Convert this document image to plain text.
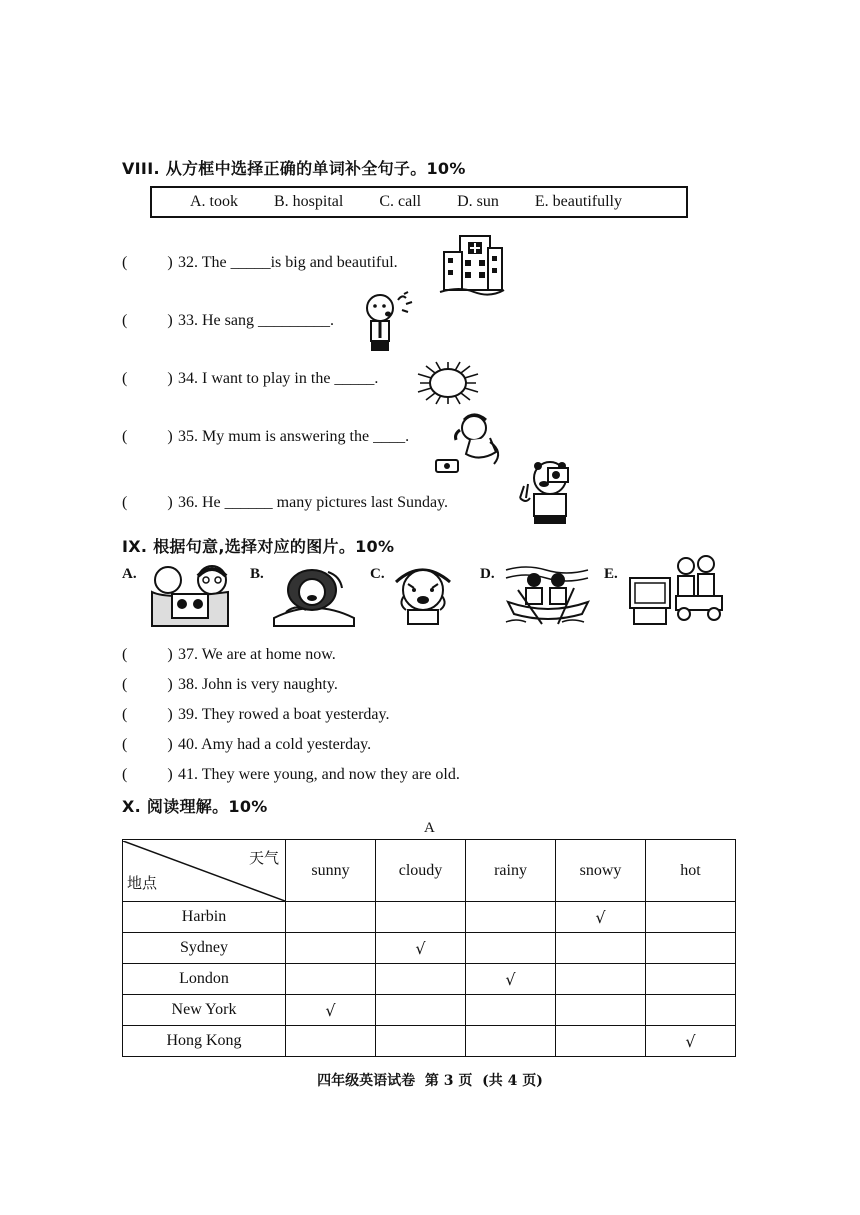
VIII. 从方框中选择正确的单词补全句子。10%
A. took B. hospital C. call D. sun E. beautifully
(	) 32. The _____is big and beautiful.
(	) 33. He sang _________.
(	) 34. I want to play in the _____.
(	) 35. My mum is answering the ____.
(	) 36. He ______ many pictures last Sunday.
IX. 根据句意,选择对应的图片。10%
A.	B.	C.	D.	E.
(	) 37. We are at home now.
(	) 38. John is very naughty.
(	) 39. They rowed a boat yesterday.
(	) 40. Amy had a cold yesterday.
(	) 41. They were young, and now they are old.
X. 阅读理解。10%
A
天气
地点	sunny	cloudy	rainy	snowy	hot
Harbin				√	
Sydney		√			
London			√		
New York	√				
Hong Kong					√
四年级英语试卷  第 3 页  (共 4 页)
